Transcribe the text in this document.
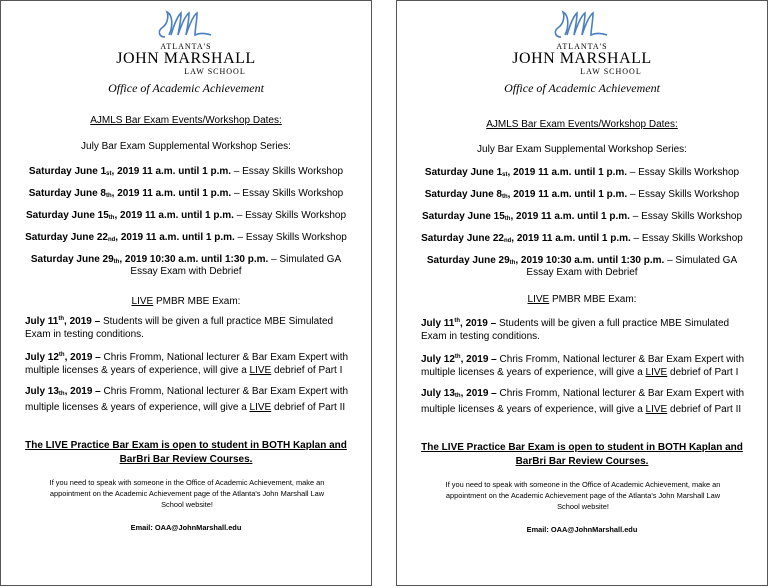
ATLANTA'S
JOHN MARSHALL
LAW SCHOOL
Office of Academic Achievement
AJMLS Bar Exam Events/Workshop Dates:
July Bar Exam Supplemental Workshop Series:
Saturday June $1_{st}$, 2019 11 a.m. until 1 p.m. – Essay Skills Workshop
Saturday June $8_{th}$, 2019 11 a.m. until 1 p.m. – Essay Skills Workshop
Saturday June $15_{th}$, 2019 11 a.m. until 1 p.m. – Essay Skills Workshop
Saturday June $22_{nd}$, 2019 11 a.m. until 1 p.m. – Essay Skills Workshop
Saturday June $29_{th}$, 2019 10:30 a.m. until 1:30 p.m. – Simulated GA
Essay Exam with Debrief
LIVE PMBR MBE Exam:
July 11th, 2019 – Students will be given a full practice MBE Simulated
Exam in testing conditions.
July 12th, 2019 – Chris Fromm, National lecturer & Bar Exam Expert with
multiple licenses & years of experience, will give a LIVE debrief of Part I
July $13_{th}$, 2019 – Chris Fromm, National lecturer & Bar Exam Expert with
multiple licenses & years of experience, will give a LIVE debrief of Part II
The LIVE Practice Bar Exam is open to student in BOTH Kaplan and
BarBri Bar Review Courses.
If you need to speak with someone in the Office of Academic Achievement, make an
appointment on the Academic Achievement page of the Atlanta's John Marshall Law
School website!
Email: OAA@JohnMarshall.edu
ATLANTA'S
JOHN MARSHALL
LAW SCHOOL
Office of Academic Achievement
AJMLS Bar Exam Events/Workshop Dates:
July Bar Exam Supplemental Workshop Series:
Saturday June $1_{st}$, 2019 11 a.m. until 1 p.m. – Essay Skills Workshop
Saturday June $8_{th}$, 2019 11 a.m. until 1 p.m. – Essay Skills Workshop
Saturday June $15_{th}$, 2019 11 a.m. until 1 p.m. – Essay Skills Workshop
Saturday June $22_{nd}$, 2019 11 a.m. until 1 p.m. – Essay Skills Workshop
Saturday June $29_{th}$, 2019 10:30 a.m. until 1:30 p.m. – Simulated GA
Essay Exam with Debrief
LIVE PMBR MBE Exam:
July 11th, 2019 – Students will be given a full practice MBE Simulated
Exam in testing conditions.
July 12th, 2019 – Chris Fromm, National lecturer & Bar Exam Expert with
multiple licenses & years of experience, will give a LIVE debrief of Part I
July $13_{th}$, 2019 – Chris Fromm, National lecturer & Bar Exam Expert with
multiple licenses & years of experience, will give a LIVE debrief of Part II
The LIVE Practice Bar Exam is open to student in BOTH Kaplan and
BarBri Bar Review Courses.
If you need to speak with someone in the Office of Academic Achievement, make an
appointment on the Academic Achievement page of the Atlanta's John Marshall Law
School website!
Email: OAA@JohnMarshall.edu
